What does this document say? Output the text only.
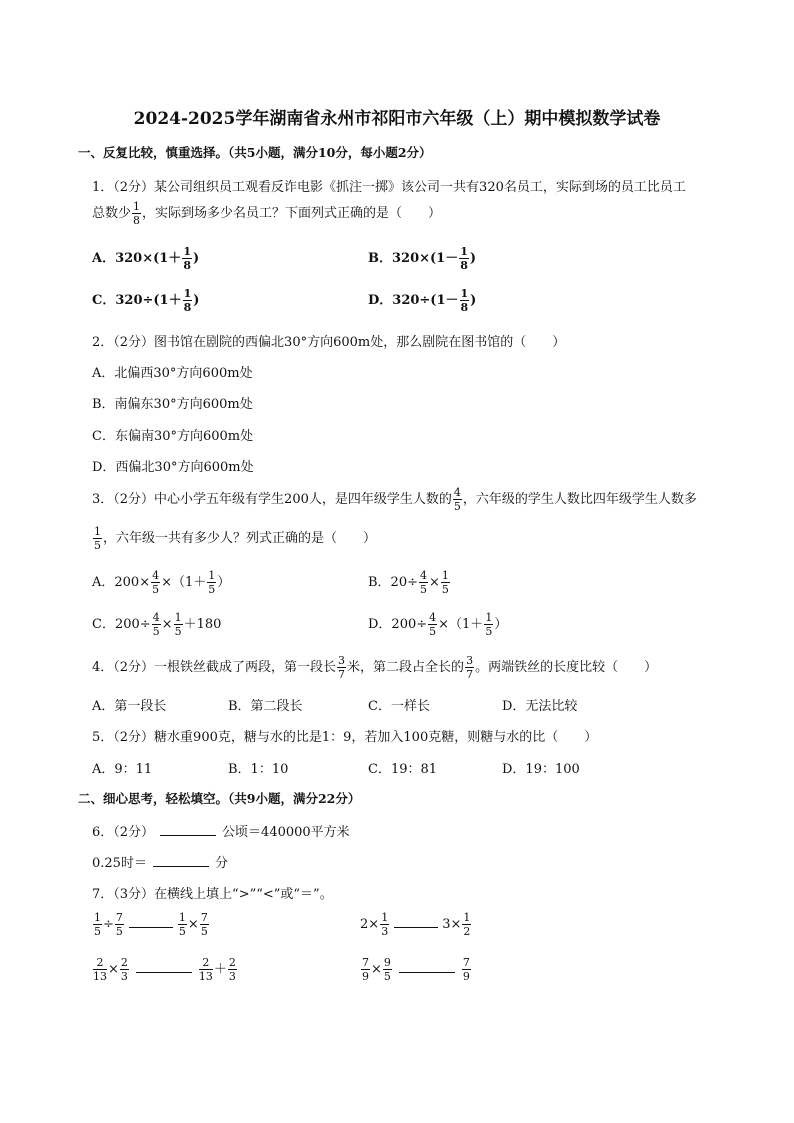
2024-2025学年湖南省永州市祁阳市六年级（上）期中模拟数学试卷
一、反复比较，慎重选择。（共5小题，满分10分，每小题2分）
1．（2分）某公司组织员工观看反诈电影《抓注一掷》该公司一共有320名员工，实际到场的员工比员工
总数少 $\frac{1}{8}$ ，实际到场多少名员工？下面列式正确的是（　　）
A．$320\times(1+ \frac{1}{8}$ )	B．$320\times(1- \frac{1}{8}$ )
C．$320\div(1+ \frac{1}{8}$ )	D．$320\div(1- \frac{1}{8}$ )
2．（2分）图书馆在剧院的西偏北30°方向600m处，那么剧院在图书馆的（　　）
A．北偏西30°方向600m处
B．南偏东30°方向600m处
C．东偏南30°方向600m处
D．西偏北30°方向600m处
3．（2分）中心小学五年级有学生200人，是四年级学生人数的 $\frac{4}{5}$ ，六年级的学生人数比四年级学生人数多
$\frac{1}{5}$ ，六年级一共有多少人？列式正确的是（　　）
A．$200\times \frac{4}{5} \times(1+ \frac{1}{5}$ ）	B．$20\div \frac{4}{5} \times \frac{1}{5}$
C．$200\div \frac{4}{5} \times \frac{1}{5} +180$	D．$200\div \frac{4}{5} \times(1+ \frac{1}{5}$ ）
4．（2分）一根铁丝截成了两段，第一段长 $\frac{3}{7}$ 米，第二段占全长的 $\frac{3}{7}$ 。两端铁丝的长度比较（　　）
A．第一段长	B．第二段长	C．一样长	D．无法比较
5．（2分）糖水重900克，糖与水的比是1：9，若加入100克糖，则糖与水的比（　　）
A．9：11	B．1：10	C．19：81	D．19：100
二、细心思考，轻松填空。（共9小题，满分22分）
6．（2分）	公顷＝440000平方米
0.25时＝	分
7．（3分）在横线上填上“>”“<”或“＝”。
$\frac{1}{5} \div \frac{7}{5}$	$\frac{1}{5} \times \frac{7}{5}$	$2\times \frac{1}{3}$	$3\times \frac{1}{2}$
$\frac{2}{13} \times \frac{2}{3}$	$\frac{2}{13} + \frac{2}{3}$	$\frac{7}{9} \times \frac{9}{5}$	$\frac{7}{9}$
